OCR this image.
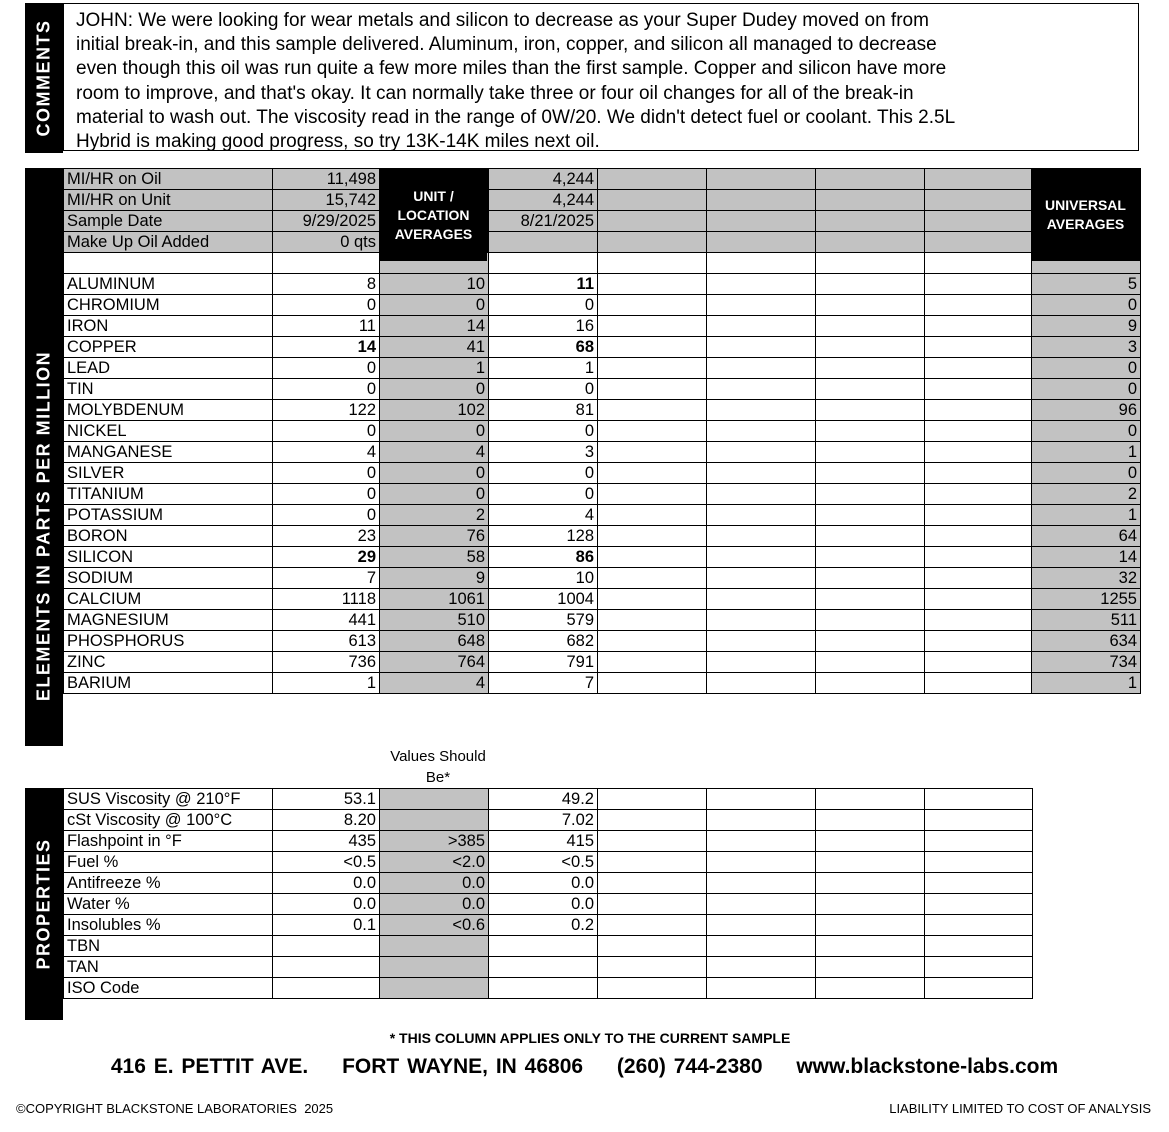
COMMENTS JOHN: We were looking for wear metals and silicon to decrease as your Super Dudey moved on from
initial break-in, and this sample delivered. Aluminum, iron, copper, and silicon all managed to decrease
even though this oil was run quite a few more miles than the first sample. Copper and silicon have more
room to improve, and that's okay. It can normally take three or four oil changes for all of the break-in
material to wash out. The viscosity read in the range of 0W/20. We didn't detect fuel or coolant. This 2.5L
Hybrid is making good progress, so try 13K-14K miles next oil.
ELEMENTS IN PARTS PER MILLION
MI/HR on Oil	11,498		4,244					
MI/HR on Unit	15,742		4,244					
Sample Date	9/29/2025		8/21/2025					
Make Up Oil Added	0 qts							

ALUMINUM	8	10	11					5
CHROMIUM	0	0	0					0
IRON	11	14	16					9
COPPER	14	41	68					3
LEAD	0	1	1					0
TIN	0	0	0					0
MOLYBDENUM	122	102	81					96
NICKEL	0	0	0					0
MANGANESE	4	4	3					1
SILVER	0	0	0					0
TITANIUM	0	0	0					2
POTASSIUM	0	2	4					1
BORON	23	76	128					64
SILICON	29	58	86					14
SODIUM	7	9	10					32
CALCIUM	1118	1061	1004					1255
MAGNESIUM	441	510	579					511
PHOSPHORUS	613	648	682					634
ZINC	736	764	791					734
BARIUM	1	4	7					1
UNIT / LOCATION AVERAGES
UNIVERSAL AVERAGES
Values Should Be*
PROPERTIES
SUS Viscosity @ 210°F	53.1		49.2				
cSt Viscosity @ 100°C	8.20		7.02				
Flashpoint in °F	435	>385	415				
Fuel %	<0.5	<2.0	<0.5				
Antifreeze %	0.0	0.0	0.0				
Water %	0.0	0.0	0.0				
Insolubles %	0.1	<0.6	0.2				
TBN							
TAN							
ISO Code							
* THIS COLUMN APPLIES ONLY TO THE CURRENT SAMPLE
416 E. PETTIT AVE. FORT WAYNE, IN 46806 (260) 744-2380 www.blackstone-labs.com
©COPYRIGHT BLACKSTONE LABORATORIES 2025	LIABILITY LIMITED TO COST OF ANALYSIS
